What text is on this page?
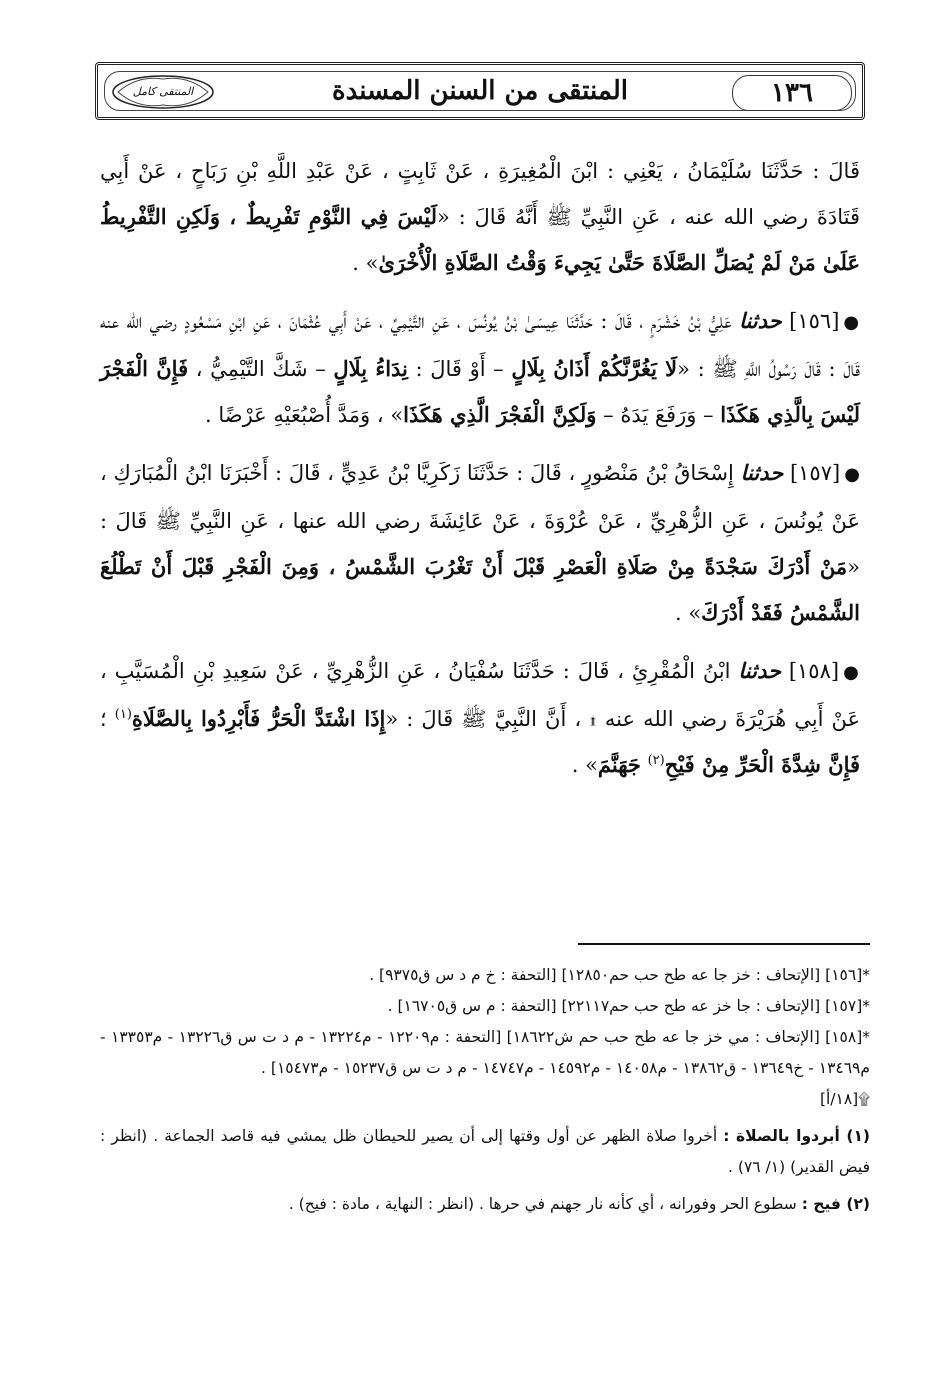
١٣٦
المنتقى من السنن المسندة
المنتقى كامل

قَالَ : حَدَّثَنَا سُلَيْمَانُ ، يَعْنِي : ابْنَ الْمُغِيرَةِ ، عَنْ ثَابِتٍ ، عَنْ عَبْدِ اللَّهِ بْنِ رَبَاحٍ ، عَنْ أَبِي قَتَادَةَ رضي الله عنه ، عَنِ النَّبِيِّ ﷺ أَنَّهُ قَالَ : «لَيْسَ فِي النَّوْمِ تَفْرِيطٌ ، وَلَكِنِ التَّفْرِيطُ عَلَىٰ مَنْ لَمْ يُصَلِّ الصَّلَاةَ حَتَّىٰ يَجِيءَ وَقْتُ الصَّلَاةِ الْأُخْرَىٰ» .

●[١٥٦] حدثنا عَلِيُّ بْنُ خَشْرَمٍ ، قَالَ : حَدَّثَنَا عِيسَىٰ بْنُ يُونُسَ ، عَنِ التَّيْمِيِّ ، عَنْ أَبِي عُثْمَانَ ، عَنِ ابْنِ مَسْعُودٍ رضي الله عنه قَالَ : قَالَ رَسُولُ اللَّهِ ﷺ : «لَا يَغُرَّنَّكُمْ أَذَانُ بِلَالٍ – أَوْ قَالَ : نِدَاءُ بِلَالٍ – شَكَّ التَّيْمِيُّ ، فَإِنَّ الْفَجْرَ لَيْسَ بِالَّذِي هَكَذَا – وَرَفَعَ يَدَهُ – وَلَكِنَّ الْفَجْرَ الَّذِي هَكَذَا» ، وَمَدَّ أُصْبُعَيْهِ عَرْضًا .

●[١٥٧] حدثنا إِسْحَاقُ بْنُ مَنْصُورٍ ، قَالَ : حَدَّثَنَا زَكَرِيَّا بْنُ عَدِيٍّ ، قَالَ : أَخْبَرَنَا ابْنُ الْمُبَارَكِ ، عَنْ يُونُسَ ، عَنِ الزُّهْرِيِّ ، عَنْ عُرْوَةَ ، عَنْ عَائِشَةَ رضي الله عنها ، عَنِ النَّبِيِّ ﷺ قَالَ : «مَنْ أَدْرَكَ سَجْدَةً مِنْ صَلَاةِ الْعَصْرِ قَبْلَ أَنْ تَغْرُبَ الشَّمْسُ ، وَمِنَ الْفَجْرِ قَبْلَ أَنْ تَطْلُعَ الشَّمْسُ فَقَدْ أَدْرَكَ» .

●[١٥٨] حدثنا ابْنُ الْمُقْرِئِ ، قَالَ : حَدَّثَنَا سُفْيَانُ ، عَنِ الزُّهْرِيِّ ، عَنْ سَعِيدِ بْنِ الْمُسَيَّبِ ، عَنْ أَبِي هُرَيْرَةَ رضي الله عنه ۩ ، أَنَّ النَّبِيَّ ﷺ قَالَ : «إِذَا اشْتَدَّ الْحَرُّ فَأَبْرِدُوا بِالصَّلَاةِ$^{(١)}$ ؛ فَإِنَّ شِدَّةَ الْحَرِّ مِنْ فَيْحِ$^{(٢)}$ جَهَنَّمَ» .

*[١٥٦] [الإتحاف : خز جا عه طح حب حم١٢٨٥٠] [التحفة : خ م د س ق٩٣٧٥] .

*[١٥٧] [الإتحاف : جا خز عه طح حب حم٢٢١١٧] [التحفة : م س ق١٦٧٠٥] .

*[١٥٨] [الإتحاف : مي خز جا عه طح حب حم ش١٨٦٢٢] [التحفة : م١٢٢٠٩ - م١٣٢٢٤ - م د ت س ق١٣٢٢٦ - م١٣٣٥٣ - م١٣٤٦٩ - خ١٣٦٤٩ - ق١٣٨٦٢ - م١٤٠٥٨ - م١٤٥٩٢ - م١٤٧٤٧ - م د ت س ق١٥٢٣٧ - م١٥٤٧٣] .

۩[١٨/أ]

(١) أبردوا بالصلاة : أخروا صلاة الظهر عن أول وقتها إلى أن يصير للحيطان ظل يمشي فيه قاصد الجماعة . (انظر : فيض القدير) (١/ ٧٦) .

(٢) فيح : سطوع الحر وفورانه ، أي كأنه نار جهنم في حرها . (انظر : النهاية ، مادة : فيح) .
